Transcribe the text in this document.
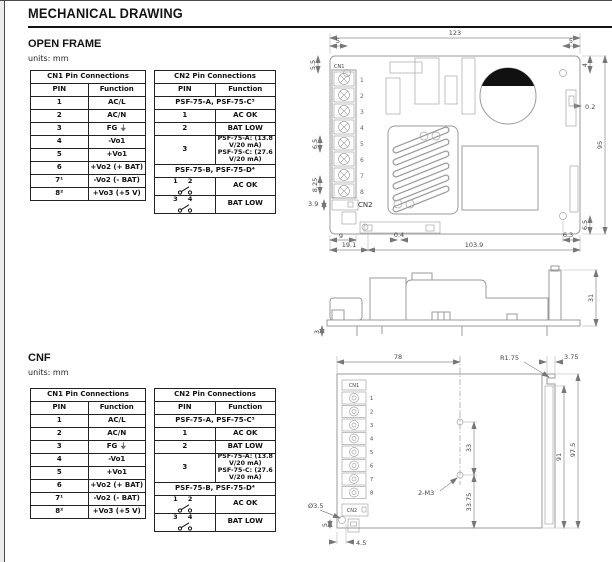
MECHANICAL DRAWING
OPEN FRAME
units: mm
CN1 Pin Connections	
PIN	Function
1	AC/L
2	AC/N
3	FG ⏚
4	-Vo1
5	+Vo1
6	+Vo2 (+ BAT)
7¹	-Vo2 (- BAT)
8²	+Vo3 (+5 V)
CN2 Pin Connections	
PIN	Function
PSF-75-A, PSF-75-C³	
1	AC OK
2	BAT LOW
3	PSF-75-A: (13.8 V/20 mA)
PSF-75-C: (27.6 V/20 mA)

PSF-75-B, PSF-75-D⁴	

1 2	AC OK

3 4	BAT LOW
123
5	5
5.5	4
0.2
95
CN1
1
2
3
4
5
6
7
8
CN2
6.5
8.25
3.9
9	0.4	6.3
19.1	103.9
6.5
31
3
CNF
units: mm
CN1 Pin Connections	
PIN	Function
1	AC/L
2	AC/N
3	FG ⏚
4	-Vo1
5	+Vo1
6	+Vo2 (+ BAT)
7¹	-Vo2 (- BAT)
8²	+Vo3 (+5 V)
CN2 Pin Connections	
PIN	Function
PSF-75-A, PSF-75-C³	
1	AC OK
2	BAT LOW
3	PSF-75-A: (13.8 V/20 mA)
PSF-75-C: (27.6 V/20 mA)

PSF-75-B, PSF-75-D⁴	

1 2	AC OK

3 4	BAT LOW
78	R1.75	3.75
91 97.5
CN1
1
2
3
4
5
6
7
8
CN2
Ø3.5
5
4.5
33
33.75
2-M3
